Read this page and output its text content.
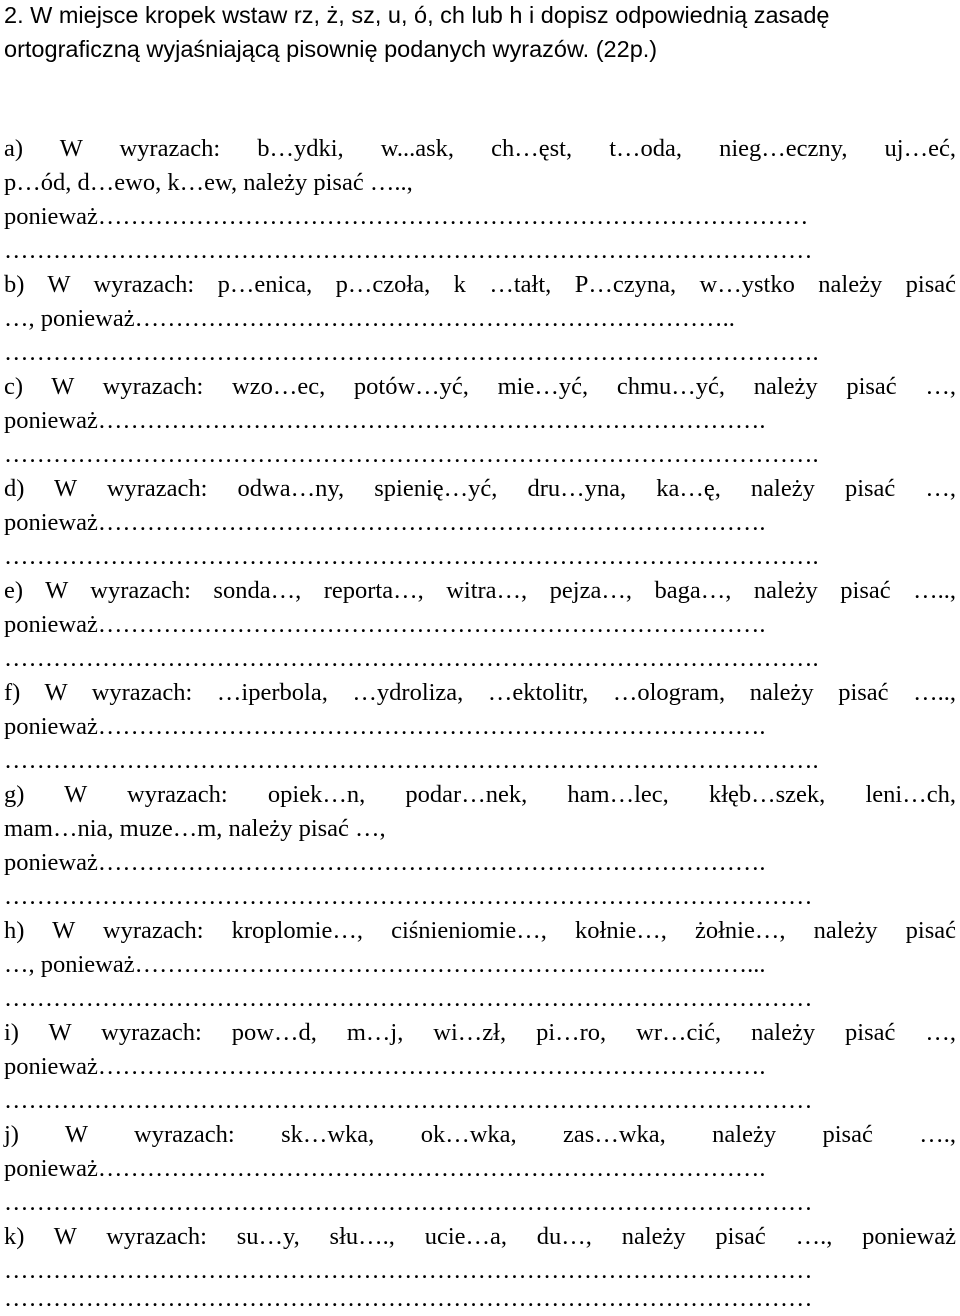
2. W miejsce kropek wstaw rz, ż, sz, u, ó, ch lub h i dopisz odpowiednią zasadę
ortograficzną wyjaśniającą pisownię podanych wyrazów. (22p.)
a) W wyrazach: b…ydki, w...ask, ch…ęst, t…oda, nieg…eczny, uj…eć,
p…ód, d…ewo, k…ew, należy pisać …..,
ponieważ……………………………………………………………………………
………………………………………………………………………………………
b) W wyrazach: p…enica, p…czoła, k …tałt, P…czyna, w…ystko należy pisać
…, ponieważ………………………………………………………………..
……………………………………………………………………………………….
c) W wyrazach: wzo…ec, potów…yć, mie…yć, chmu…yć, należy pisać …,
ponieważ……………………………………………………………………….
……………………………………………………………………………………….
d) W wyrazach: odwa…ny, spienię…yć, dru…yna, ka…ę, należy pisać …,
ponieważ……………………………………………………………………….
……………………………………………………………………………………….
e) W wyrazach: sonda…, reporta…, witra…, pejza…, baga…, należy pisać …..,
ponieważ……………………………………………………………………….
……………………………………………………………………………………….
f) W wyrazach: …iperbola, …ydroliza, …ektolitr, …ologram, należy pisać …..,
ponieważ……………………………………………………………………….
……………………………………………………………………………………….
g) W wyrazach: opiek…n, podar…nek, ham…lec, kłęb…szek, leni…ch,
mam…nia, muze…m, należy pisać …,
ponieważ……………………………………………………………………….
………………………………………………………………………………………
h) W wyrazach: kroplomie…, ciśnieniomie…, kołnie…, żołnie…, należy pisać
…, ponieważ…………………………………………………………………...
………………………………………………………………………………………
i) W wyrazach: pow…d, m…j, wi…zł, pi…ro, wr…cić, należy pisać …,
ponieważ……………………………………………………………………….
………………………………………………………………………………………
j) W wyrazach: sk…wka, ok…wka, zas…wka, należy pisać ….,
ponieważ……………………………………………………………………….
………………………………………………………………………………………
k) W wyrazach: su…y, słu…., ucie…a, du…, należy pisać …., ponieważ
………………………………………………………………………………………
………………………………………………………………………………………
